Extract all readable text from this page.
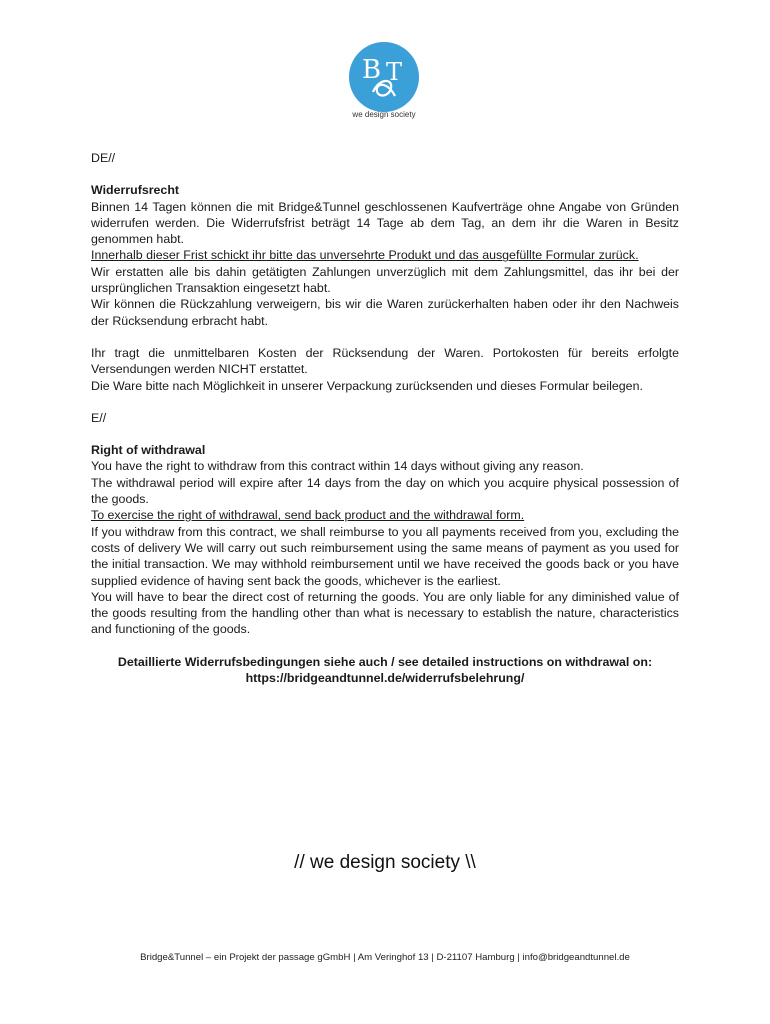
B T
we design society

DE//

Widerrufsrecht

Binnen 14 Tagen können die mit Bridge&Tunnel geschlossenen Kaufverträge ohne Angabe von Gründen widerrufen werden. Die Widerrufsfrist beträgt 14 Tage ab dem Tag, an dem ihr die Waren in Besitz genommen habt.

Innerhalb dieser Frist schickt ihr bitte das unversehrte Produkt und das ausgefüllte Formular zurück.

Wir erstatten alle bis dahin getätigten Zahlungen unverzüglich mit dem Zahlungsmittel, das ihr bei der ursprünglichen Transaktion eingesetzt habt.

Wir können die Rückzahlung verweigern, bis wir die Waren zurückerhalten haben oder ihr den Nachweis der Rücksendung erbracht habt.

Ihr tragt die unmittelbaren Kosten der Rücksendung der Waren. Portokosten für bereits erfolgte Versendungen werden NICHT erstattet.

Die Ware bitte nach Möglichkeit in unserer Verpackung zurücksenden und dieses Formular beilegen.

E//

Right of withdrawal

You have the right to withdraw from this contract within 14 days without giving any reason.

The withdrawal period will expire after 14 days from the day on which you acquire physical possession of the goods.

To exercise the right of withdrawal, send back product and the withdrawal form.

If you withdraw from this contract, we shall reimburse to you all payments received from you, excluding the costs of delivery We will carry out such reimbursement using the same means of payment as you used for the initial transaction. We may withhold reimbursement until we have received the goods back or you have supplied evidence of having sent back the goods, whichever is the earliest.

You will have to bear the direct cost of returning the goods. You are only liable for any diminished value of the goods resulting from the handling other than what is necessary to establish the nature, characteristics and functioning of the goods.

Detaillierte Widerrufsbedingungen siehe auch / see detailed instructions on withdrawal on:

https://bridgeandtunnel.de/widerrufsbelehrung/

// we design society \\
Bridge&Tunnel – ein Projekt der passage gGmbH | Am Veringhof 13 | D-21107 Hamburg | info@bridgeandtunnel.de
